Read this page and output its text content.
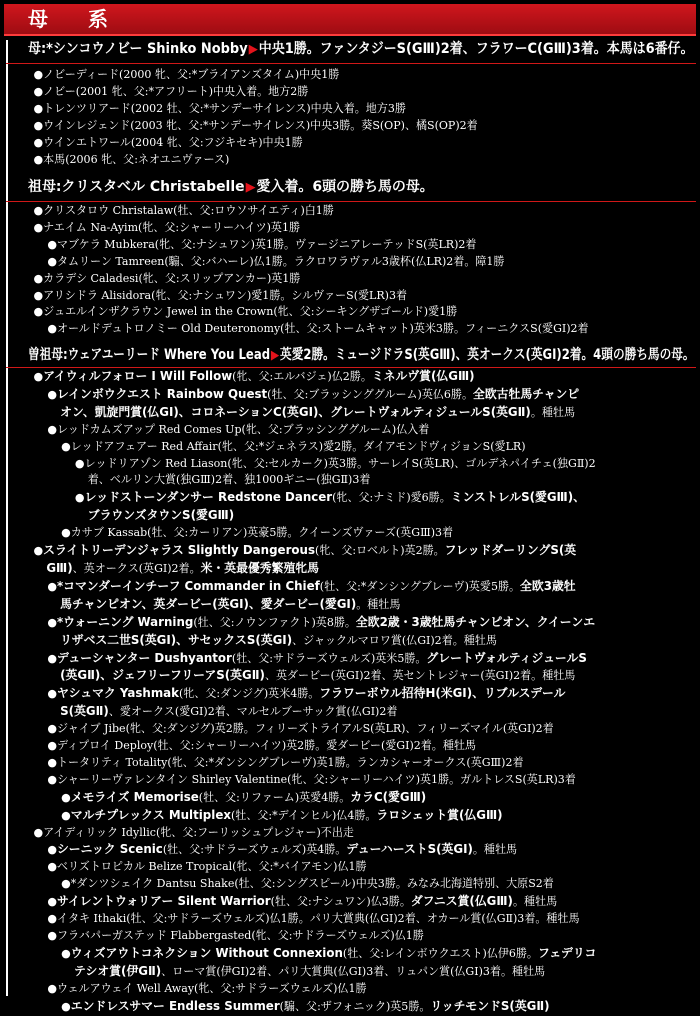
母　系
母:*シンコウノビー Shinko Nobby▶中央1勝。ファンタジーS(GⅢ)2着、フラワーC(GⅢ)3着。本馬は6番仔。
●ノビーディード(2000 牝、父:*ブライアンズタイム)中央1勝
●ノビー(2001 牝、父:*アフリート)中央入着。地方2勝
●トレンツリアード(2002 牡、父:*サンデーサイレンス)中央入着。地方3勝
●ウインレジェンド(2003 牝、父:*サンデーサイレンス)中央3勝。葵S(OP)、橘S(OP)2着
●ウインエトワール(2004 牝、父:フジキセキ)中央1勝
●本馬(2006 牝、父:ネオユニヴァース)
祖母:クリスタベル Christabelle▶愛入着。6頭の勝ち馬の母。
●クリスタロウ Christalaw(牡、父:ロウソサイエティ)白1勝
●ナエイム Na-Ayim(牝、父:シャーリーハイツ)英1勝
●マブケラ Mubkera(牝、父:ナシュワン)英1勝。ヴァージニアレーテッドS(英LR)2着
●タムリーン Tamreen(騸、父:バハーレ)仏1勝。ラクロワラヴァル3歳杯(仏LR)2着。障1勝
●カラデシ Caladesi(牝、父:スリップアンカー)英1勝
●アリシドラ Alisidora(牝、父:ナシュワン)愛1勝。シルヴァーS(愛LR)3着
●ジュエルインザクラウン Jewel in the Crown(牝、父:シーキングザゴールド)愛1勝
●オールドデュトロノミー Old Deuteronomy(牡、父:ストームキャット)英米3勝。フィーニクスS(愛GI)2着
曽祖母:ウェアユーリード Where You Lead▶英愛2勝。ミュージドラS(英GⅢ)、英オークス(英GI)2着。4頭の勝ち馬の母。
●アイウィルフォロー I Will Follow(牝、父:エルバジェ)仏2勝。ミネルヴ賞(仏GⅢ)
●レインボウクエスト Rainbow Quest(牡、父:ブラッシンググルーム)英仏6勝。全欧古牡馬チャンピ
オン、凱旋門賞(仏GI)、コロネーションC(英GI)、グレートヴォルティジュールS(英GⅡ)。種牡馬
●レッドカムズアップ Red Comes Up(牝、父:ブラッシンググルーム)仏入着
●レッドアフェアー Red Affair(牝、父:*ジェネラス)愛2勝。ダイアモンドヴィジョンS(愛LR)
●レッドリアゾン Red Liason(牝、父:セルカーク)英3勝。サーレイS(英LR)、ゴルデネパイチェ(独GⅡ)2
着、ベルリン大賞(独GⅢ)2着、独1000ギニー(独GⅡ)3着
●レッドストーンダンサー Redstone Dancer(牝、父:ナミド)愛6勝。ミンストレルS(愛GⅢ)、
ブラウンズタウンS(愛GⅢ)
●カサブ Kassab(牡、父:カーリアン)英豪5勝。クイーンズヴァーズ(英GⅢ)3着
●スライトリーデンジャラス Slightly Dangerous(牝、父:ロベルト)英2勝。フレッドダーリングS(英
GⅢ)、英オークス(英GI)2着。米・英最優秀繁殖牝馬
●*コマンダーインチーフ Commander in Chief(牡、父:*ダンシングブレーヴ)英愛5勝。全欧3歳牡
馬チャンピオン、英ダービー(英GI)、愛ダービー(愛GI)。種牡馬
●*ウォーニング Warning(牡、父:ノウンファクト)英8勝。全欧2歳・3歳牡馬チャンピオン、クイーンエ
リザベス二世S(英GI)、サセックスS(英GI)、ジャックルマロワ賞(仏GI)2着。種牡馬
●デューシャンター Dushyantor(牡、父:サドラーズウェルズ)英米5勝。グレートヴォルティジュールS
(英GⅡ)、ジェフリーフリーアS(英GⅡ)、英ダービー(英GI)2着、英セントレジャー(英GI)2着。種牡馬
●ヤシュマク Yashmak(牝、父:ダンジグ)英米4勝。フラワーボウル招待H(米GI)、リブルスデール
S(英GⅡ)、愛オークス(愛GI)2着、マルセルブーサック賞(仏GI)2着
●ジャイブ Jibe(牝、父:ダンジグ)英2勝。フィリーズトライアルS(英LR)、フィリーズマイル(英GI)2着
●ディプロイ Deploy(牡、父:シャーリーハイツ)英2勝。愛ダービー(愛GI)2着。種牡馬
●トータリティ Totality(牝、父:*ダンシングブレーヴ)英1勝。ランカシャーオークス(英GⅢ)2着
●シャーリーヴァレンタイン Shirley Valentine(牝、父:シャーリーハイツ)英1勝。ガルトレスS(英LR)3着
●メモライズ Memorise(牡、父:リファーム)英愛4勝。カラC(愛GⅢ)
●マルチプレックス Multiplex(牡、父:*デインヒル)仏4勝。ラロシェット賞(仏GⅢ)
●アイディリック Idyllic(牝、父:フーリッシュプレジャー)不出走
●シーニック Scenic(牡、父:サドラーズウェルズ)英4勝。デューハーストS(英GI)。種牡馬
●ベリズトロピカル Belize Tropical(牝、父:*バイアモン)仏1勝
●*ダンツシェイク Dantsu Shake(牡、父:シングスピール)中央3勝。みなみ北海道特別、大原S2着
●サイレントウォリアー Silent Warrior(牡、父:ナシュワン)仏3勝。ダフニス賞(仏GⅢ)。種牡馬
●イタキ Ithaki(牡、父:サドラーズウェルズ)仏1勝。パリ大賞典(仏GI)2着、オカール賞(仏GⅡ)3着。種牡馬
●フラバパーガステッド Flabbergasted(牝、父:サドラーズウェルズ)仏1勝
●ウィズアウトコネクション Without Connexion(牡、父:レインボウクエスト)仏伊6勝。フェデリコ
テシオ賞(伊GⅡ)、ローマ賞(伊GI)2着、パリ大賞典(仏GI)3着、リュパン賞(仏GI)3着。種牡馬
●ウェルアウェイ Well Away(牝、父:サドラーズウェルズ)仏1勝
●エンドレスサマー Endless Summer(騸、父:ザフォニック)英5勝。リッチモンドS(英GⅡ)
